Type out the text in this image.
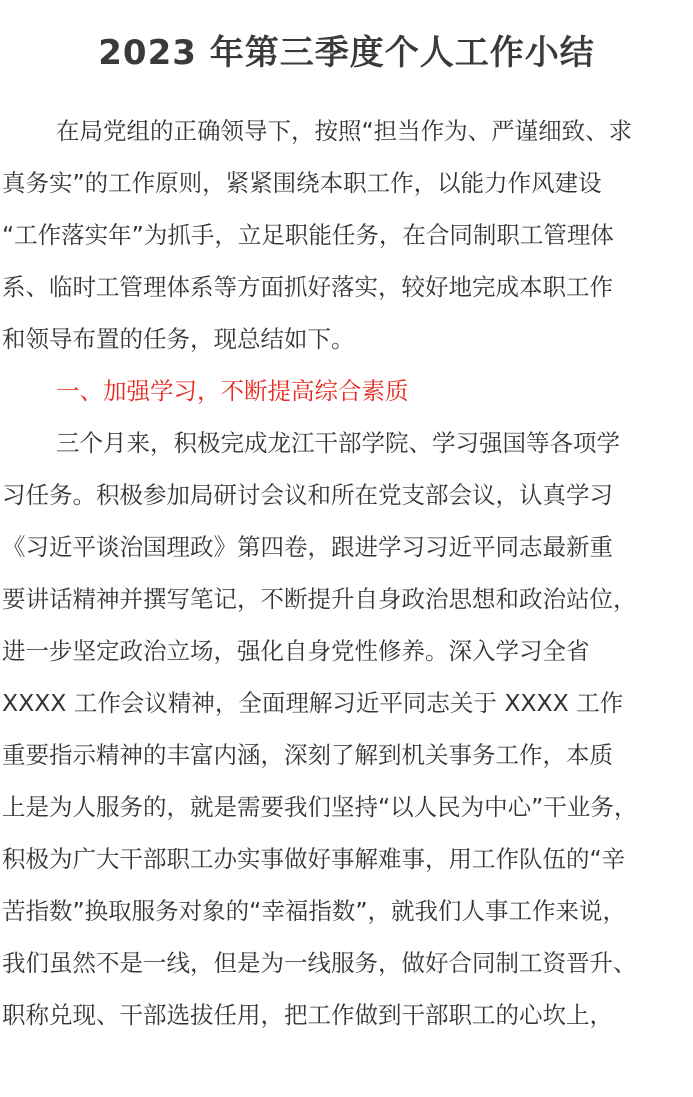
2023 年第三季度个人工作小结
在局党组的正确领导下，按照“担当作为、严谨细致、求
真务实”的工作原则，紧紧围绕本职工作，以能力作风建设
“工作落实年”为抓手，立足职能任务，在合同制职工管理体
系、临时工管理体系等方面抓好落实，较好地完成本职工作
和领导布置的任务，现总结如下。
一、加强学习，不断提高综合素质
三个月来，积极完成龙江干部学院、学习强国等各项学
习任务。积极参加局研讨会议和所在党支部会议，认真学习
《习近平谈治国理政》第四卷，跟进学习习近平同志最新重
要讲话精神并撰写笔记，不断提升自身政治思想和政治站位，
进一步坚定政治立场，强化自身党性修养。深入学习全省
XXXX 工作会议精神，全面理解习近平同志关于 XXXX 工作
重要指示精神的丰富内涵，深刻了解到机关事务工作，本质
上是为人服务的，就是需要我们坚持“以人民为中心”干业务，
积极为广大干部职工办实事做好事解难事，用工作队伍的“辛
苦指数”换取服务对象的“幸福指数”，就我们人事工作来说，
我们虽然不是一线，但是为一线服务，做好合同制工资晋升、
职称兑现、干部选拔任用，把工作做到干部职工的心坎上，
